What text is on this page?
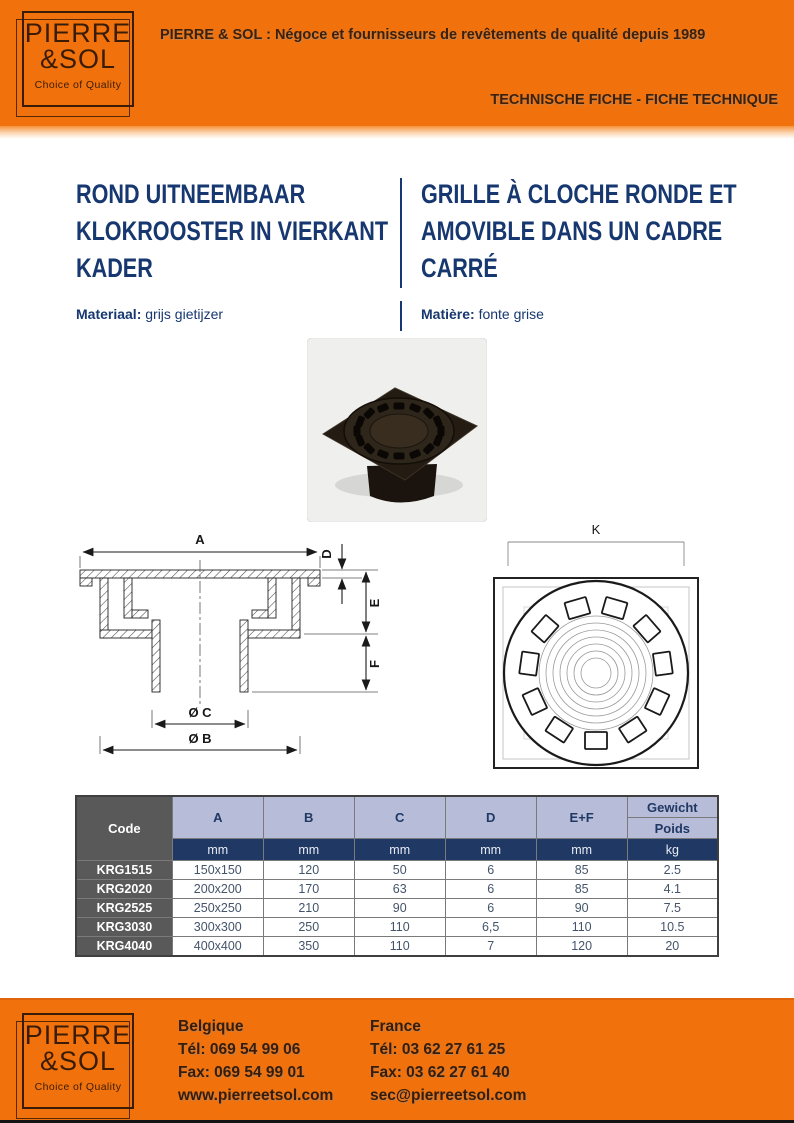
PIERRE
&SOL
Choice of Quality
PIERRE & SOL : Négoce et fournisseurs de revêtements de qualité depuis 1989
TECHNISCHE FICHE - FICHE TECHNIQUE
ROND UITNEEMBAAR KLOKROOSTER IN VIERKANT KADER
GRILLE À CLOCHE RONDE ET AMOVIBLE DANS UN CADRE CARRÉ
Materiaal: grijs gietijzer	Matière: fonte grise
A
D
E
F
Ø C
Ø B
K
Code	A	B	C	D	E+F	Gewicht
						Poids
	mm	mm	mm	mm	mm	kg
KRG1515	150x150	120	50	6	85	2.5
KRG2020	200x200	170	63	6	85	4.1
KRG2525	250x250	210	90	6	90	7.5
KRG3030	300x300	250	110	6,5	110	10.5
KRG4040	400x400	350	110	7	120	20
PIERRE
&SOL
Choice of Quality
Belgique
Tél: 069 54 99 06
Fax: 069 54 99 01
www.pierreetsol.com
France
Tél: 03 62 27 61 25
Fax: 03 62 27 61 40
sec@pierreetsol.com
